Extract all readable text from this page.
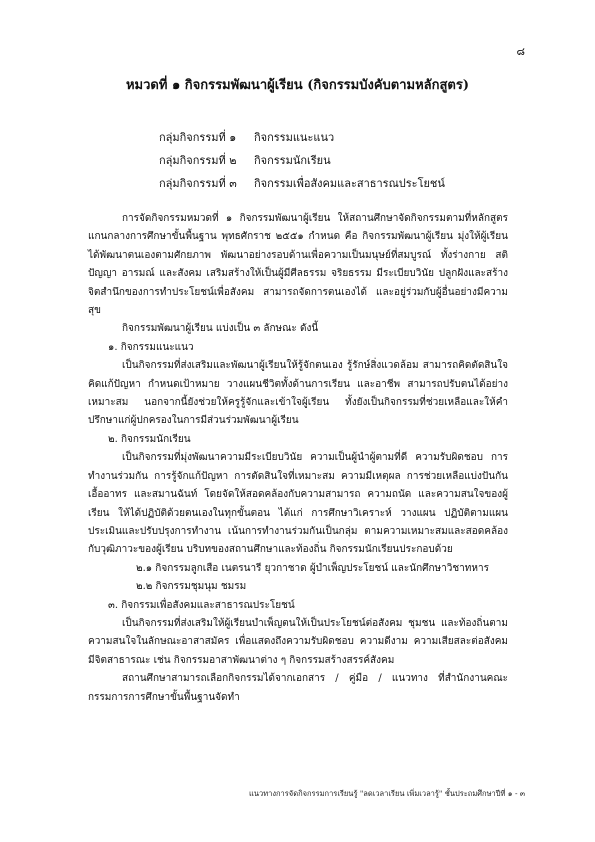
๘
หมวดที่ ๑ กิจกรรมพัฒนาผู้เรียน (กิจกรรมบังคับตามหลักสูตร)
กลุ่มกิจกรรมที่ ๑	กิจกรรมแนะแนว
กลุ่มกิจกรรมที่ ๒	กิจกรรมนักเรียน
กลุ่มกิจกรรมที่ ๓	กิจกรรมเพื่อสังคมและสาธารณประโยชน์

การจัดกิจกรรมหมวดที่ ๑ กิจกรรมพัฒนาผู้เรียน ให้สถานศึกษาจัดกิจกรรมตามที่หลักสูตรแกนกลางการศึกษาขั้นพื้นฐาน พุทธศักราช ๒๕๕๑ กำหนด คือ กิจกรรมพัฒนาผู้เรียน มุ่งให้ผู้เรียนได้พัฒนาตนเองตามศักยภาพ พัฒนาอย่างรอบด้านเพื่อความเป็นมนุษย์ที่สมบูรณ์ ทั้งร่างกาย สติปัญญา อารมณ์ และสังคม เสริมสร้างให้เป็นผู้มีศีลธรรม จริยธรรม มีระเบียบวินัย ปลูกฝังและสร้างจิตสำนึกของการทำประโยชน์เพื่อสังคม สามารถจัดการตนเองได้ และอยู่ร่วมกับผู้อื่นอย่างมีความสุข

กิจกรรมพัฒนาผู้เรียน แบ่งเป็น ๓ ลักษณะ ดังนี้

๑. กิจกรรมแนะแนว

เป็นกิจกรรมที่ส่งเสริมและพัฒนาผู้เรียนให้รู้จักตนเอง รู้รักษ์สิ่งแวดล้อม สามารถคิดตัดสินใจ คิดแก้ปัญหา กำหนดเป้าหมาย วางแผนชีวิตทั้งด้านการเรียน และอาชีพ สามารถปรับตนได้อย่างเหมาะสม นอกจากนี้ยังช่วยให้ครูรู้จักและเข้าใจผู้เรียน ทั้งยังเป็นกิจกรรมที่ช่วยเหลือและให้คำปรึกษาแก่ผู้ปกครองในการมีส่วนร่วมพัฒนาผู้เรียน

๒. กิจกรรมนักเรียน

เป็นกิจกรรมที่มุ่งพัฒนาความมีระเบียบวินัย ความเป็นผู้นำผู้ตามที่ดี ความรับผิดชอบ การทำงานร่วมกัน การรู้จักแก้ปัญหา การตัดสินใจที่เหมาะสม ความมีเหตุผล การช่วยเหลือแบ่งปันกัน เอื้ออาทร และสมานฉันท์ โดยจัดให้สอดคล้องกับความสามารถ ความถนัด และความสนใจของผู้เรียน ให้ได้ปฏิบัติด้วยตนเองในทุกขั้นตอน ได้แก่ การศึกษาวิเคราะห์ วางแผน ปฏิบัติตามแผน ประเมินและปรับปรุงการทำงาน เน้นการทำงานร่วมกันเป็นกลุ่ม ตามความเหมาะสมและสอดคล้องกับวุฒิภาวะของผู้เรียน บริบทของสถานศึกษาและท้องถิ่น กิจกรรมนักเรียนประกอบด้วย

๒.๑ กิจกรรมลูกเสือ เนตรนารี ยุวกาชาด ผู้บำเพ็ญประโยชน์ และนักศึกษาวิชาทหาร

๒.๒ กิจกรรมชุมนุม ชมรม

๓. กิจกรรมเพื่อสังคมและสาธารณประโยชน์

เป็นกิจกรรมที่ส่งเสริมให้ผู้เรียนบำเพ็ญตนให้เป็นประโยชน์ต่อสังคม ชุมชน และท้องถิ่นตามความสนใจในลักษณะอาสาสมัคร เพื่อแสดงถึงความรับผิดชอบ ความดีงาม ความเสียสละต่อสังคม มีจิตสาธารณะ เช่น กิจกรรมอาสาพัฒนาต่าง ๆ กิจกรรมสร้างสรรค์สังคม

สถานศึกษาสามารถเลือกกิจกรรมได้จากเอกสาร / คู่มือ / แนวทาง ที่สำนักงานคณะกรรมการการศึกษาขั้นพื้นฐานจัดทำ

แนวทางการจัดกิจกรรมการเรียนรู้ "ลดเวลาเรียน เพิ่มเวลารู้" ชั้นประถมศึกษาปีที่ ๑ - ๓
